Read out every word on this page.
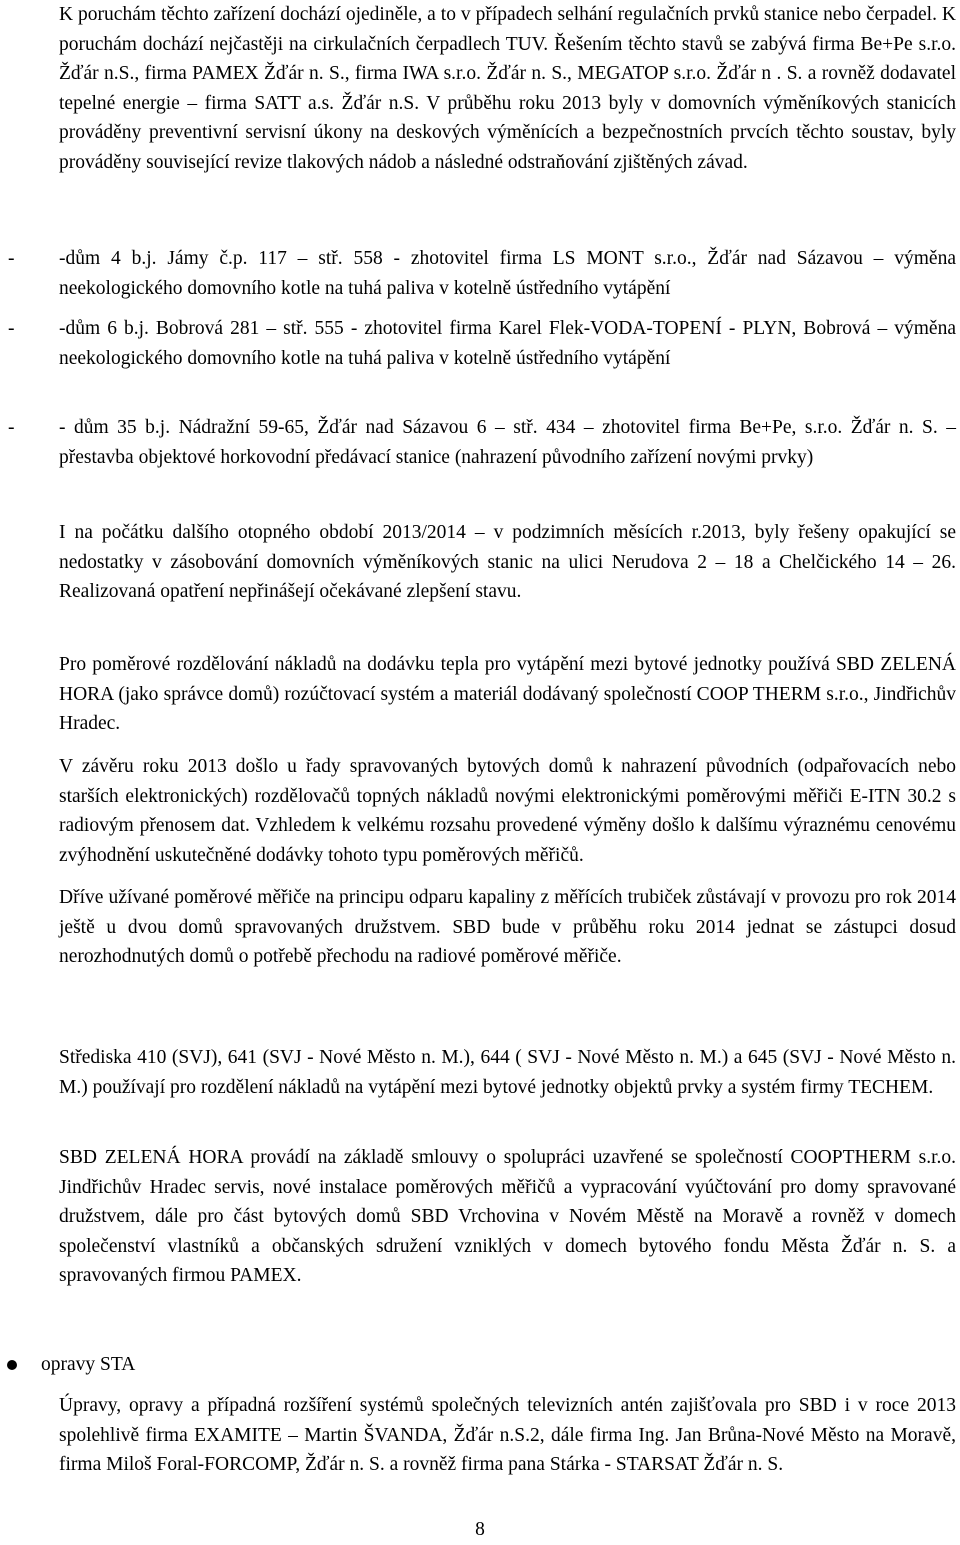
K poruchám těchto zařízení dochází ojediněle, a to v případech selhání regulačních prvků stanice nebo čerpadel. K poruchám dochází nejčastěji na cirkulačních čerpadlech TUV. Řešením těchto stavů se zabývá firma Be+Pe s.r.o. Žďár n.S., firma PAMEX Žďár n. S., firma IWA s.r.o. Žďár n. S., MEGATOP s.r.o. Žďár n . S. a rovněž dodavatel tepelné energie – firma SATT a.s. Žďár n.S. V průběhu roku 2013 byly v domovních výměníkových stanicích prováděny preventivní servisní úkony na deskových výměnících a bezpečnostních prvcích těchto soustav, byly prováděny související revize tlakových nádob a následné odstraňování zjištěných závad.

- -dům 4 b.j. Jámy č.p. 117 – stř. 558 - zhotovitel firma LS MONT s.r.o., Žďár nad Sázavou – výměna neekologického domovního kotle na tuhá paliva v kotelně ústředního vytápění

- -dům 6 b.j. Bobrová 281 – stř. 555 - zhotovitel firma Karel Flek-VODA-TOPENÍ - PLYN, Bobrová – výměna neekologického domovního kotle na tuhá paliva v kotelně ústředního vytápění

- - dům 35 b.j. Nádražní 59-65, Žďár nad Sázavou 6 – stř. 434 – zhotovitel firma Be+Pe, s.r.o. Žďár n. S. – přestavba objektové horkovodní předávací stanice (nahrazení původního zařízení novými prvky)

I na počátku dalšího otopného období 2013/2014 – v podzimních měsících r.2013, byly řešeny opakující se nedostatky v zásobování domovních výměníkových stanic na ulici Nerudova 2 – 18 a Chelčického 14 – 26. Realizovaná opatření nepřinášejí očekávané zlepšení stavu.

Pro poměrové rozdělování nákladů na dodávku tepla pro vytápění mezi bytové jednotky používá SBD ZELENÁ HORA (jako správce domů) rozúčtovací systém a materiál dodávaný společností COOP THERM s.r.o., Jindřichův Hradec.

V závěru roku 2013 došlo u řady spravovaných bytových domů k nahrazení původních (odpařovacích nebo starších elektronických) rozdělovačů topných nákladů novými elektronickými poměrovými měřiči E-ITN 30.2 s radiovým přenosem dat. Vzhledem k velkému rozsahu provedené výměny došlo k dalšímu výraznému cenovému zvýhodnění uskutečněné dodávky tohoto typu poměrových měřičů.

Dříve užívané poměrové měřiče na principu odparu kapaliny z měřících trubiček zůstávají v provozu pro rok 2014 ještě u dvou domů spravovaných družstvem. SBD bude v průběhu roku 2014 jednat se zástupci dosud nerozhodnutých domů o potřebě přechodu na radiové poměrové měřiče.

Střediska 410 (SVJ), 641 (SVJ - Nové Město n. M.), 644 ( SVJ - Nové Město n. M.) a 645 (SVJ - Nové Město n. M.) používají pro rozdělení nákladů na vytápění mezi bytové jednotky objektů prvky a systém firmy TECHEM.

SBD ZELENÁ HORA provádí na základě smlouvy o spolupráci uzavřené se společností COOPTHERM s.r.o. Jindřichův Hradec servis, nové instalace poměrových měřičů a vypracování vyúčtování pro domy spravované družstvem, dále pro část bytových domů SBD Vrchovina v Novém Městě na Moravě a rovněž v domech společenství vlastníků a občanských sdružení vzniklých v domech bytového fondu Města Žďár n. S. a spravovaných firmou PAMEX.

opravy STA

Úpravy, opravy a případná rozšíření systémů společných televizních antén zajišťovala pro SBD i v roce 2013 spolehlivě firma EXAMITE – Martin ŠVANDA, Žďár n.S.2, dále firma Ing. Jan Brůna-Nové Město na Moravě, firma Miloš Foral-FORCOMP, Žďár n. S. a rovněž firma pana Stárka - STARSAT Žďár n. S.

8
